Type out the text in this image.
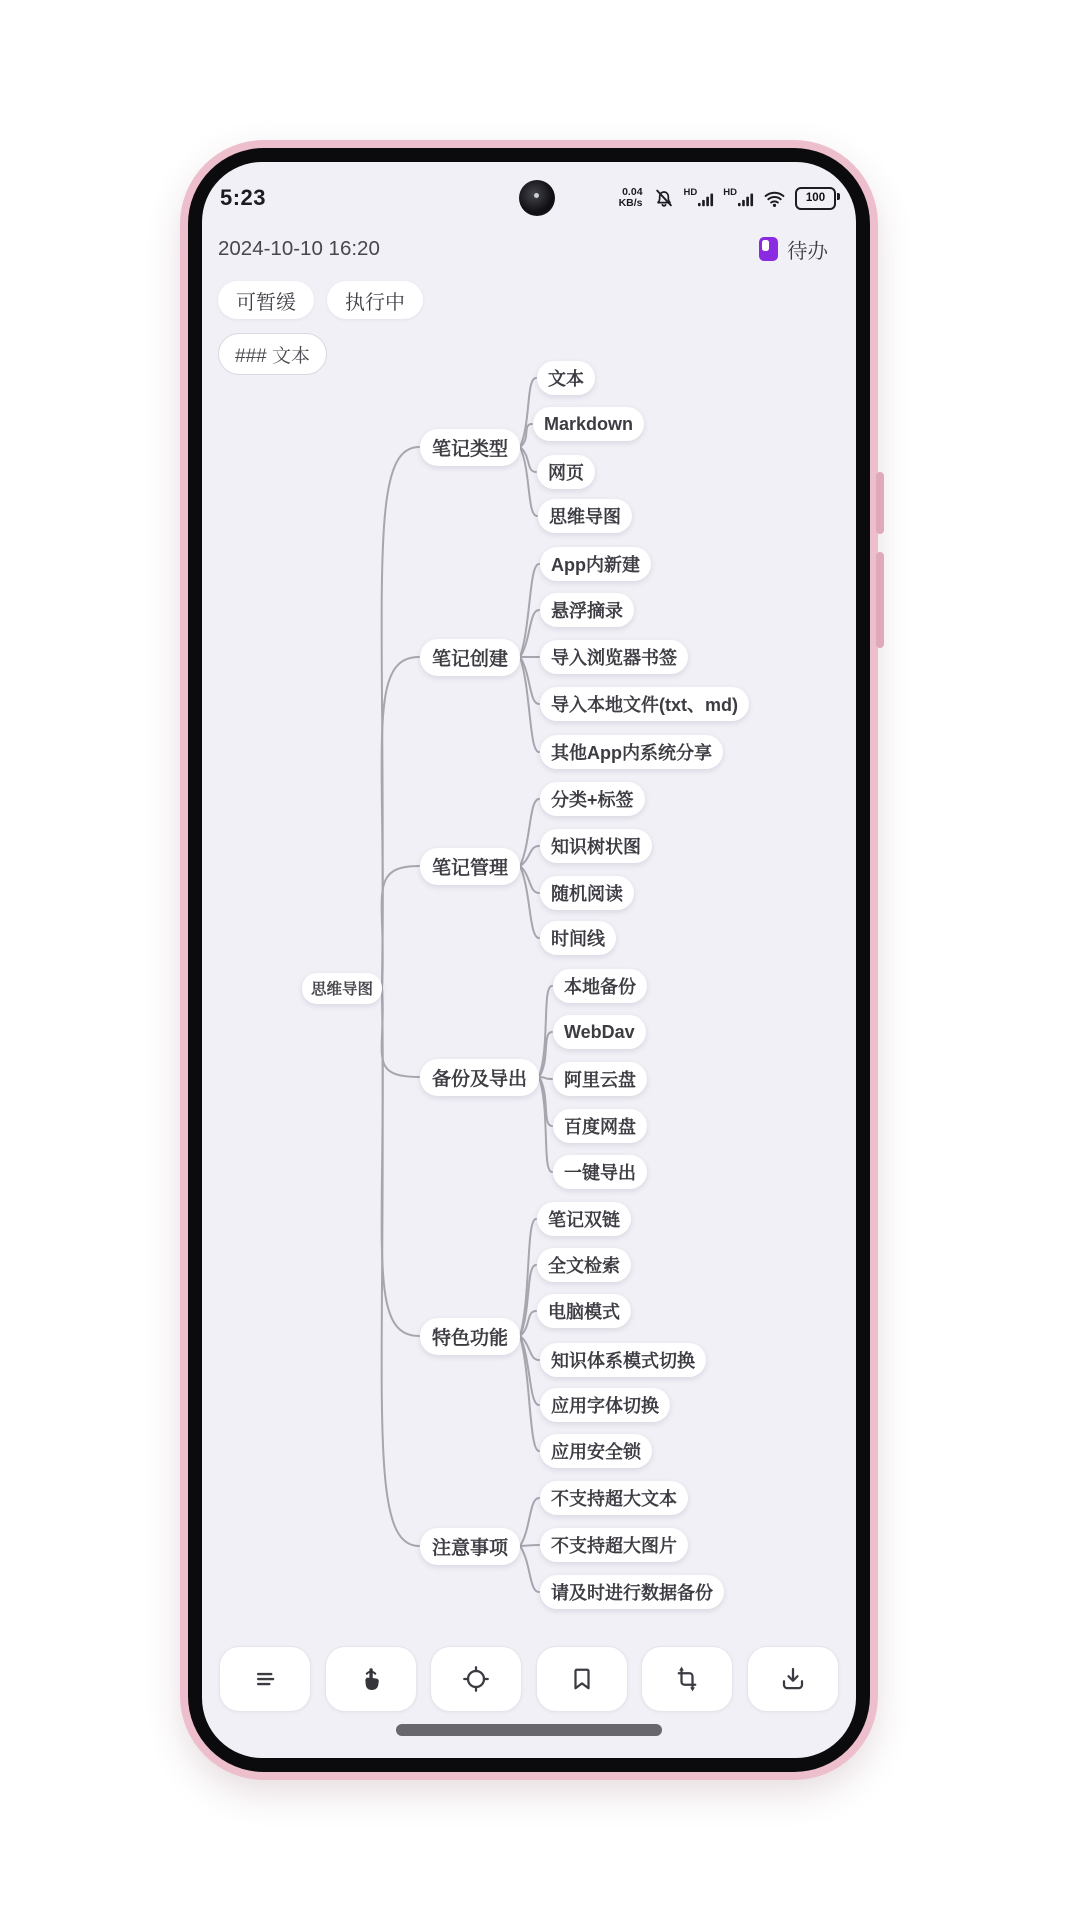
5:23	0.04
KB/s
HD	HD	100
2024-10-10 16:20	待办
可暂缓	执行中
### 文本
思维导图
笔记类型
文本
Markdown
网页
思维导图
笔记创建
App内新建
悬浮摘录
导入浏览器书签
导入本地文件(txt、md)
其他App内系统分享
笔记管理
分类+标签
知识树状图
随机阅读
时间线
备份及导出
本地备份
WebDav
阿里云盘
百度网盘
一键导出
特色功能
笔记双链
全文检索
电脑模式
知识体系模式切换
应用字体切换
应用安全锁
注意事项
不支持超大文本
不支持超大图片
请及时进行数据备份
